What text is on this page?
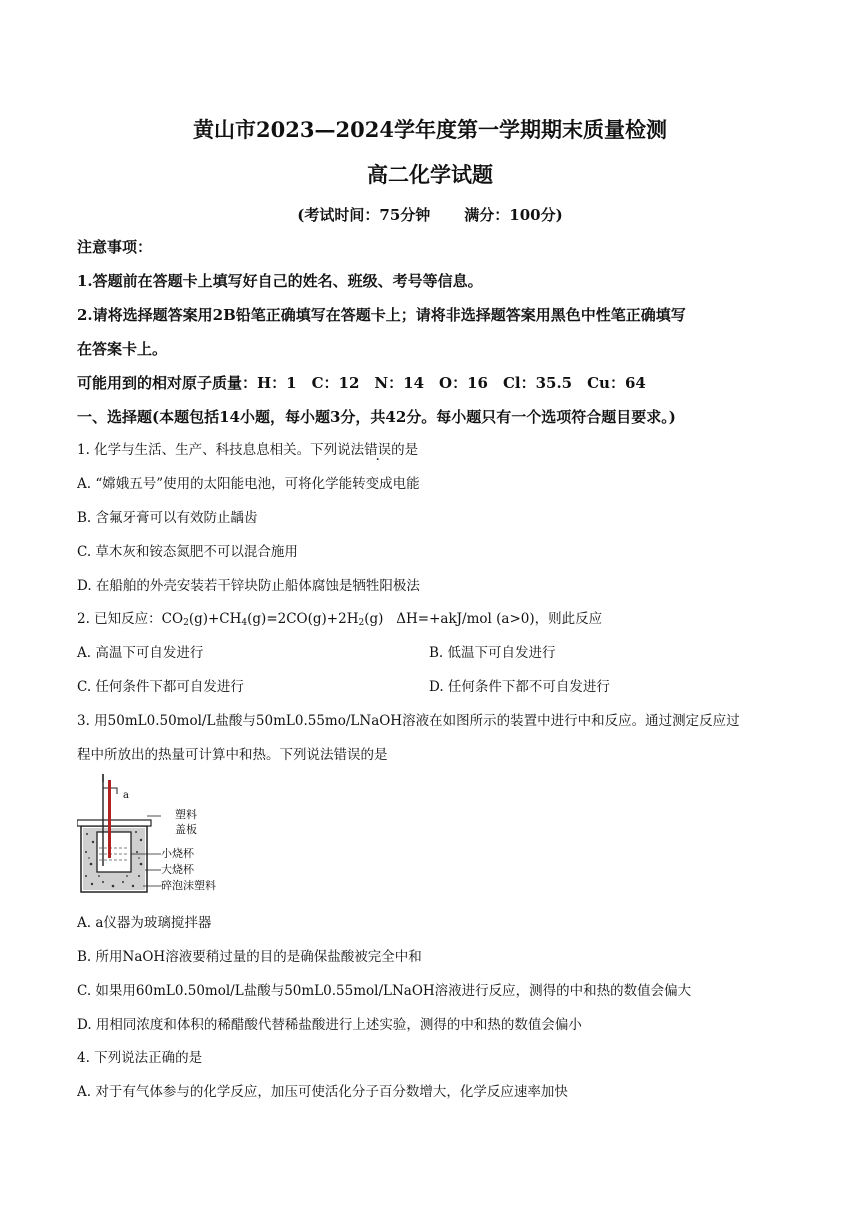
黄山市2023—2024学年度第一学期期末质量检测
高二化学试题
(考试时间：75分钟 满分：100分)
注意事项：
1.答题前在答题卡上填写好自己的姓名、班级、考号等信息。
2.请将选择题答案用2B铅笔正确填写在答题卡上；请将非选择题答案用黑色中性笔正确填写
在答案卡上。
可能用到的相对原子质量：H：1　C：12　N：14　O：16　Cl：35.5　Cu：64
一、选择题(本题包括14小题，每小题3分，共42分。每小题只有一个选项符合题目要求。)
1. 化学与生活、生产、科技息息相关。下列说法错误的是
A. “嫦娥五号”使用的太阳能电池，可将化学能转变成电能
B. 含氟牙膏可以有效防止龋齿
C. 草木灰和铵态氮肥不可以混合施用
D. 在船舶的外壳安装若干锌块防止船体腐蚀是牺牲阳极法
2. 已知反应：$CO_2(g)+CH_4(g)=2CO(g)+2H_2(g)$ ΔH=+akJ/mol (a>0)，则此反应
A. 高温下可自发进行	B. 低温下可自发进行
C. 任何条件下都可自发进行	D. 任何条件下都不可自发进行
3. 用50mL0.50mol/L盐酸与50mL0.55mo/LNaOH溶液在如图所示的装置中进行中和反应。通过测定反应过
程中所放出的热量可计算中和热。下列说法错误的是
a
塑料
盖板
小烧杯
大烧杯
碎泡沫塑料
A. a仪器为玻璃搅拌器
B. 所用NaOH溶液要稍过量的目的是确保盐酸被完全中和
C. 如果用60mL0.50mol/L盐酸与50mL0.55mol/LNaOH溶液进行反应，测得的中和热的数值会偏大
D. 用相同浓度和体积的稀醋酸代替稀盐酸进行上述实验，测得的中和热的数值会偏小
4. 下列说法正确的是
A. 对于有气体参与的化学反应，加压可使活化分子百分数增大，化学反应速率加快
